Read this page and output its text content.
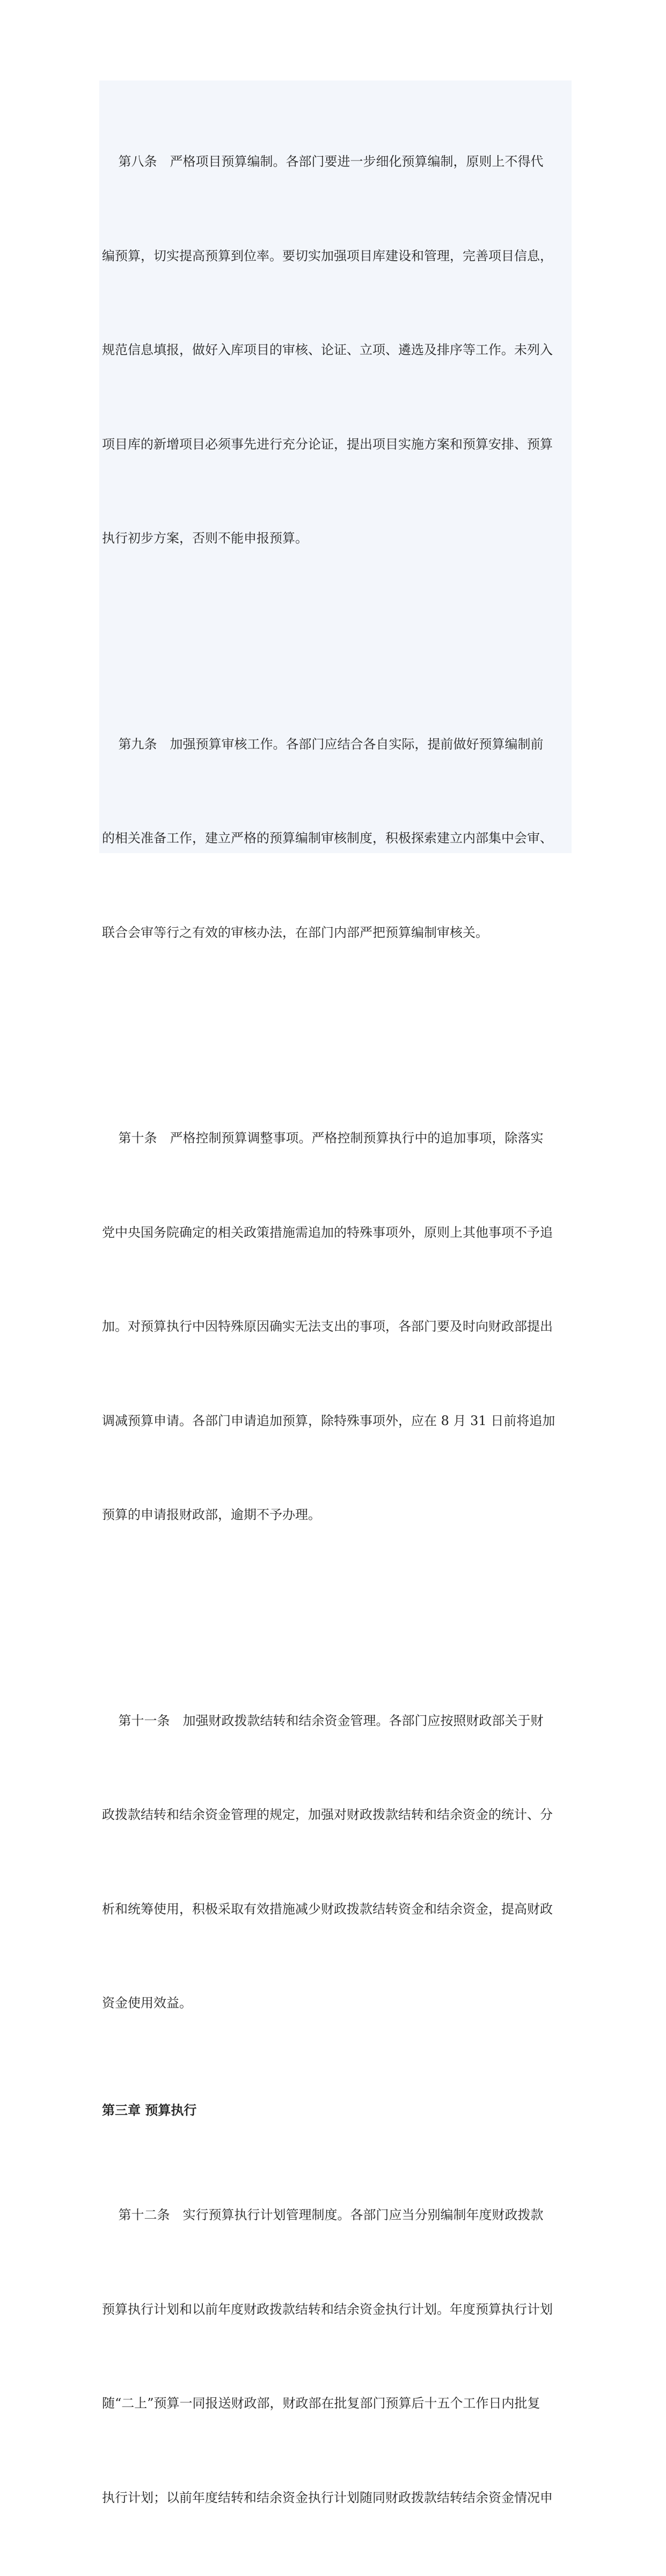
第八条　严格项目预算编制。各部门要进一步细化预算编制，原则上不得代

编预算，切实提高预算到位率。要切实加强项目库建设和管理，完善项目信息，

规范信息填报，做好入库项目的审核、论证、立项、遴选及排序等工作。未列入

项目库的新增项目必须事先进行充分论证，提出项目实施方案和预算安排、预算

执行初步方案，否则不能申报预算。

第九条　加强预算审核工作。各部门应结合各自实际，提前做好预算编制前

的相关准备工作，建立严格的预算编制审核制度，积极探索建立内部集中会审、

联合会审等行之有效的审核办法，在部门内部严把预算编制审核关。

第十条　严格控制预算调整事项。严格控制预算执行中的追加事项，除落实

党中央国务院确定的相关政策措施需追加的特殊事项外，原则上其他事项不予追

加。对预算执行中因特殊原因确实无法支出的事项，各部门要及时向财政部提出

调减预算申请。各部门申请追加预算，除特殊事项外，应在 8 月 31 日前将追加

预算的申请报财政部，逾期不予办理。

第十一条　加强财政拨款结转和结余资金管理。各部门应按照财政部关于财

政拨款结转和结余资金管理的规定，加强对财政拨款结转和结余资金的统计、分

析和统筹使用，积极采取有效措施减少财政拨款结转资金和结余资金，提高财政

资金使用效益。

第三章 预算执行

第十二条　实行预算执行计划管理制度。各部门应当分别编制年度财政拨款

预算执行计划和以前年度财政拨款结转和结余资金执行计划。年度预算执行计划

随“二上”预算一同报送财政部，财政部在批复部门预算后十五个工作日内批复

执行计划；以前年度结转和结余资金执行计划随同财政拨款结转结余资金情况申
